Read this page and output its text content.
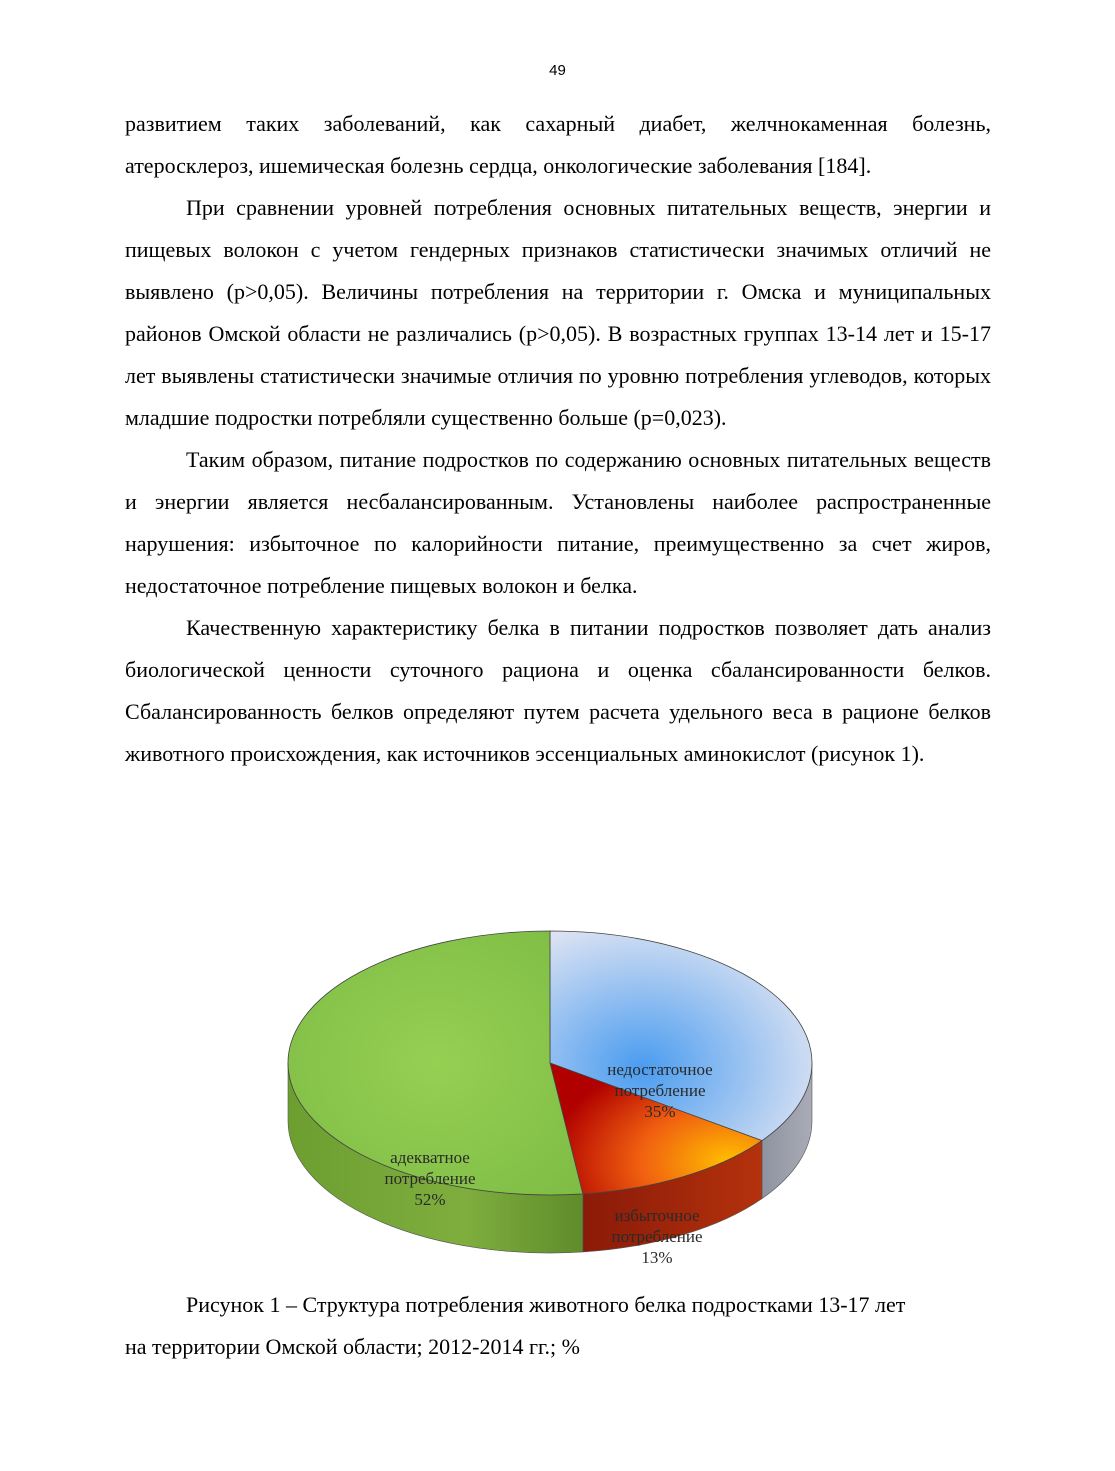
49

развитием таких заболеваний, как сахарный диабет, желчнокаменная болезнь, атеросклероз, ишемическая болезнь сердца, онкологические заболевания [184].

При сравнении уровней потребления основных питательных веществ, энергии и пищевых волокон с учетом гендерных признаков статистически значимых отличий не выявлено (р>0,05). Величины потребления на территории г. Омска и муниципальных районов Омской области не различались (р>0,05). В возрастных группах 13-14 лет и 15-17 лет выявлены статистически значимые отличия по уровню потребления углеводов, которых младшие подростки потребляли существенно больше (р=0,023).

Таким образом, питание подростков по содержанию основных питательных веществ и энергии является несбалансированным. Установлены наиболее распространенные нарушения: избыточное по калорийности питание, преимущественно за счет жиров, недостаточное потребление пищевых волокон и белка.

Качественную характеристику белка в питании подростков позволяет дать анализ биологической ценности суточного рациона и оценка сбалансированности белков. Сбалансированность белков определяют путем расчета удельного веса в рационе белков животного происхождения, как источников эссенциальных аминокислот (рисунок 1).

недостаточное потребление 35%
избыточное потребление 13%
адекватное потребление 52%
Рисунок 1 – Структура потребления животного белка подростками 13-17 лет
на территории Омской области; 2012-2014 гг.; %
